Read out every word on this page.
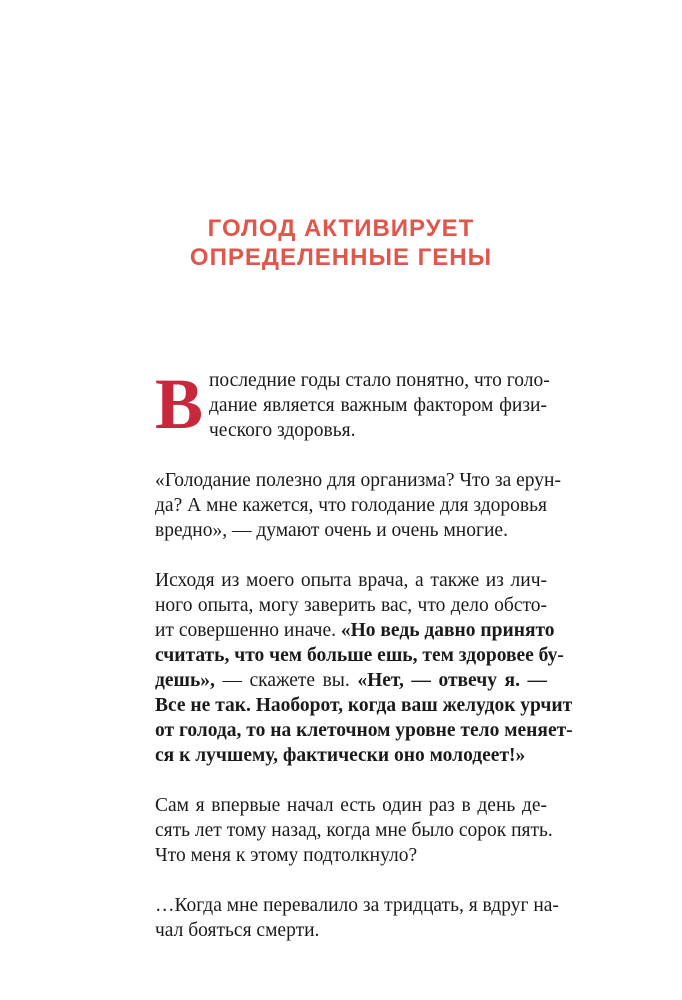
ГОЛОД АКТИВИРУЕТ
ОПРЕДЕЛЕННЫЕ ГЕНЫ
В последние годы стало понятно, что голо-
дание является важным фактором физи-
ческого здоровья.
«Голодание полезно для организма? Что за ерун-
да? А мне кажется, что голодание для здоровья
вредно», — думают очень и очень многие.
Исходя из моего опыта врача, а также из лич-
ного опыта, могу заверить вас, что дело обсто-
ит совершенно иначе. «Но ведь давно принято
считать, что чем больше ешь, тем здоровее бу-
дешь», — скажете вы. «Нет, — отвечу я. —
Все не так. Наоборот, когда ваш желудок урчит
от голода, то на клеточном уровне тело меняет-
ся к лучшему, фактически оно молодеет!»
Сам я впервые начал есть один раз в день де-
сять лет тому назад, когда мне было сорок пять.
Что меня к этому подтолкнуло?
…Когда мне перевалило за тридцать, я вдруг на-
чал бояться смерти.
